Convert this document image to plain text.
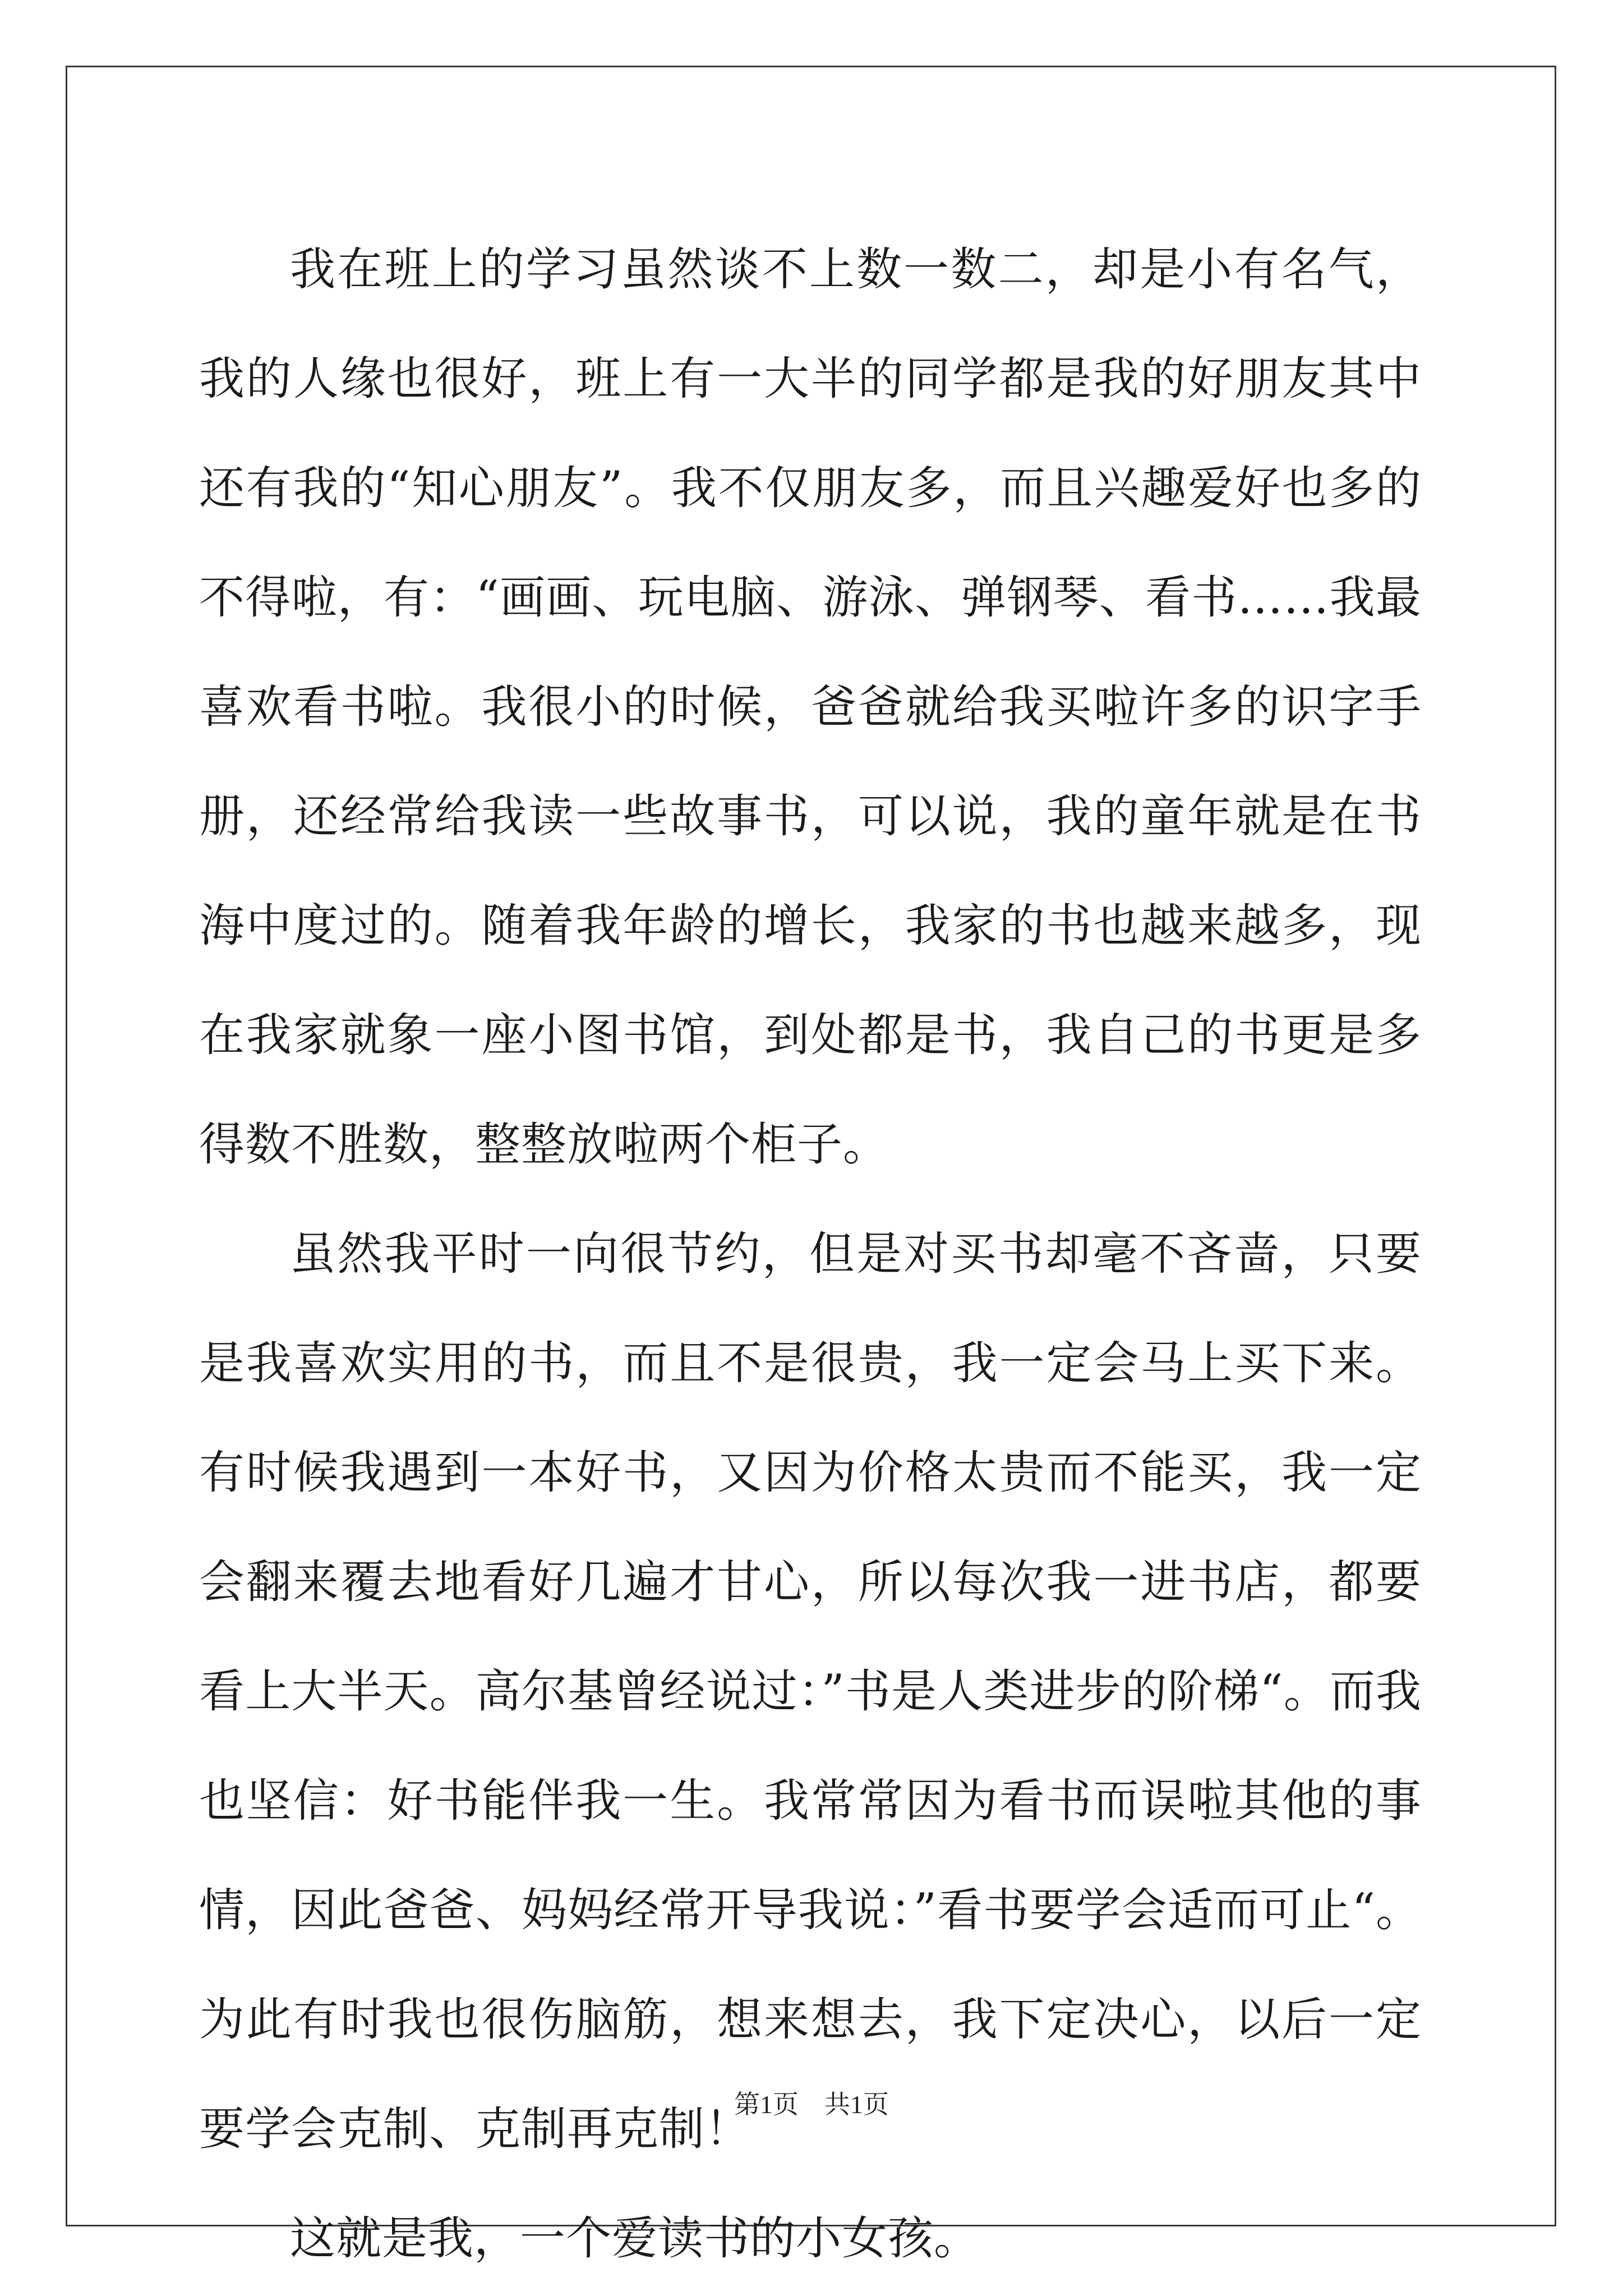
我在班上的学习虽然谈不上数一数二，却是小有名气，我的人缘也很好，班上有一大半的同学都是我的好朋友其中还有我的“知心朋友”。我不仅朋友多，而且兴趣爱好也多的不得啦，有：“画画、玩电脑、游泳、弹钢琴、看书……我最喜欢看书啦。我很小的时候，爸爸就给我买啦许多的识字手册，还经常给我读一些故事书，可以说，我的童年就是在书海中度过的。随着我年龄的增长，我家的书也越来越多，现在我家就象一座小图书馆，到处都是书，我自己的书更是多得数不胜数，整整放啦两个柜子。

虽然我平时一向很节约，但是对买书却毫不吝啬，只要是我喜欢实用的书，而且不是很贵，我一定会马上买下来。有时候我遇到一本好书，又因为价格太贵而不能买，我一定会翻来覆去地看好几遍才甘心，所以每次我一进书店，都要看上大半天。高尔基曾经说过：”书是人类进步的阶梯“。而我也坚信：好书能伴我一生。我常常因为看书而误啦其他的事情，因此爸爸、妈妈经常开导我说：”看书要学会适而可止“。为此有时我也很伤脑筋，想来想去，我下定决心，以后一定要学会克制、克制再克制！

这就是我，一个爱读书的小女孩。

第1页　共1页
